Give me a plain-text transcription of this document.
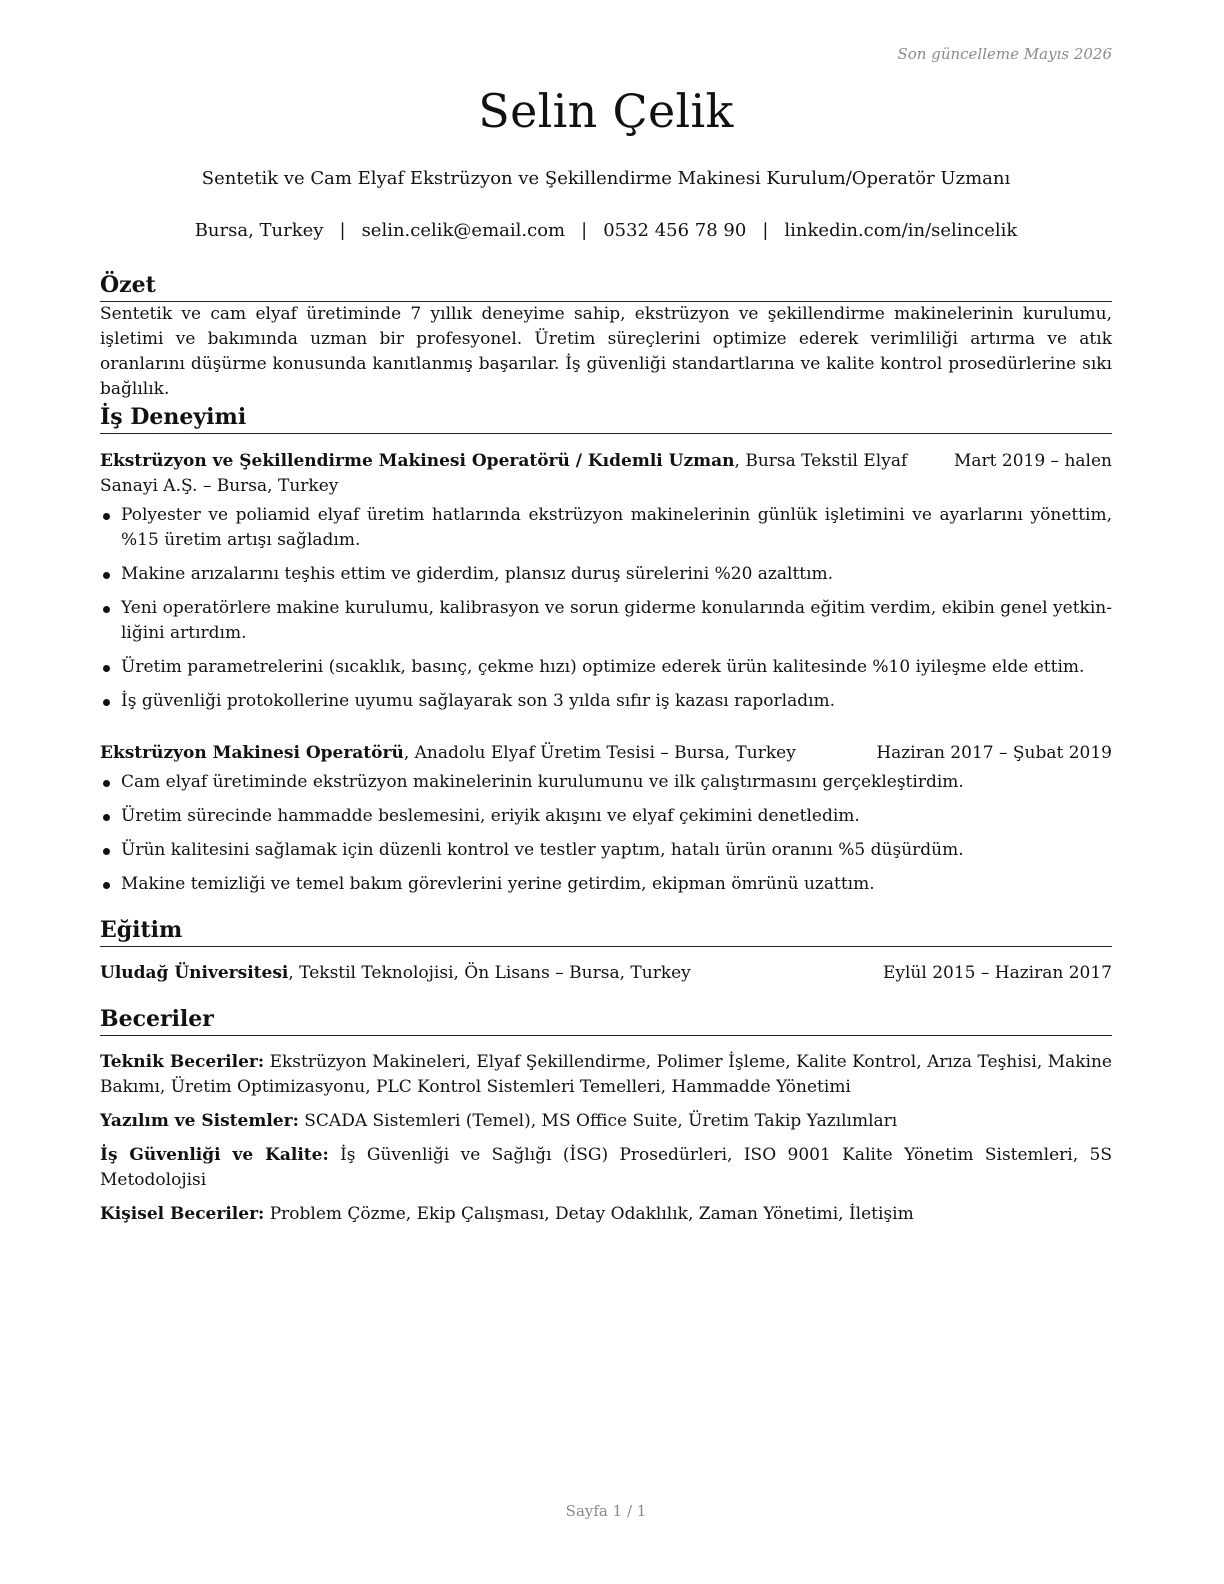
Son güncelleme Mayıs 2026
Selin Çelik
Sentetik ve Cam Elyaf Ekstrüzyon ve Şekillendirme Makinesi Kurulum/Operatör Uzmanı
Bursa, Turkey | selin.celik@email.com | 0532 456 78 90 | linkedin.com/in/selincelik
Özet

Sentetik ve cam elyaf üretiminde 7 yıllık deneyime sahip, ekstrüzyon ve şekillendirme makinelerinin kurulumu, işletimi ve bakımında uzman bir profesyonel. Üretim süreçlerini optimize ederek verimliliği artırma ve atık oranlarını düşürme konusunda kanıtlanmış başarılar. İş güvenliği standartlarına ve kalite kontrol prosedürlerine sıkı bağlılık.

İş Deneyimi
Ekstrüzyon ve Şekillendirme Makinesi Operatörü / Kıdemli Uzman, Bursa Tekstil Elyaf Sanayi A.Ş. – Bursa, Turkey
Mart 2019 – halen
Polyester ve poliamid elyaf üretim hatlarında ekstrüzyon makinelerinin günlük işletimini ve ayarlarını yönettim, %15 üretim artışı sağladım.
Makine arızalarını teşhis ettim ve giderdim, plansız duruş sürelerini %20 azalttım.
Yeni operatörlere makine kurulumu, kalibrasyon ve sorun giderme konularında eğitim verdim, ekibin genel yetkinliğini artırdım.
Üretim parametrelerini (sıcaklık, basınç, çekme hızı) optimize ederek ürün kalitesinde %10 iyileşme elde ettim.
İş güvenliği protokollerine uyumu sağlayarak son 3 yılda sıfır iş kazası raporladım.
Ekstrüzyon Makinesi Operatörü, Anadolu Elyaf Üretim Tesisi – Bursa, Turkey	Haziran 2017 – Şubat 2019
Cam elyaf üretiminde ekstrüzyon makinelerinin kurulumunu ve ilk çalıştırmasını gerçekleştirdim.
Üretim sürecinde hammadde beslemesini, eriyik akışını ve elyaf çekimini denetledim.
Ürün kalitesini sağlamak için düzenli kontrol ve testler yaptım, hatalı ürün oranını %5 düşürdüm.
Makine temizliği ve temel bakım görevlerini yerine getirdim, ekipman ömrünü uzattım.
Eğitim
Uludağ Üniversitesi, Tekstil Teknolojisi, Ön Lisans – Bursa, Turkey	Eylül 2015 – Haziran 2017
Beceriler
Teknik Beceriler: Ekstrüzyon Makineleri, Elyaf Şekillendirme, Polimer İşleme, Kalite Kontrol, Arıza Teşhisi, Makine Bakımı, Üretim Optimizasyonu, PLC Kontrol Sistemleri Temelleri, Hammadde Yönetimi
Yazılım ve Sistemler: SCADA Sistemleri (Temel), MS Office Suite, Üretim Takip Yazılımları
İş Güvenliği ve Kalite: İş Güvenliği ve Sağlığı (İSG) Prosedürleri, ISO 9001 Kalite Yönetim Sistemleri, 5S Metodolojisi
Kişisel Beceriler: Problem Çözme, Ekip Çalışması, Detay Odaklılık, Zaman Yönetimi, İletişim
Sayfa 1 / 1
